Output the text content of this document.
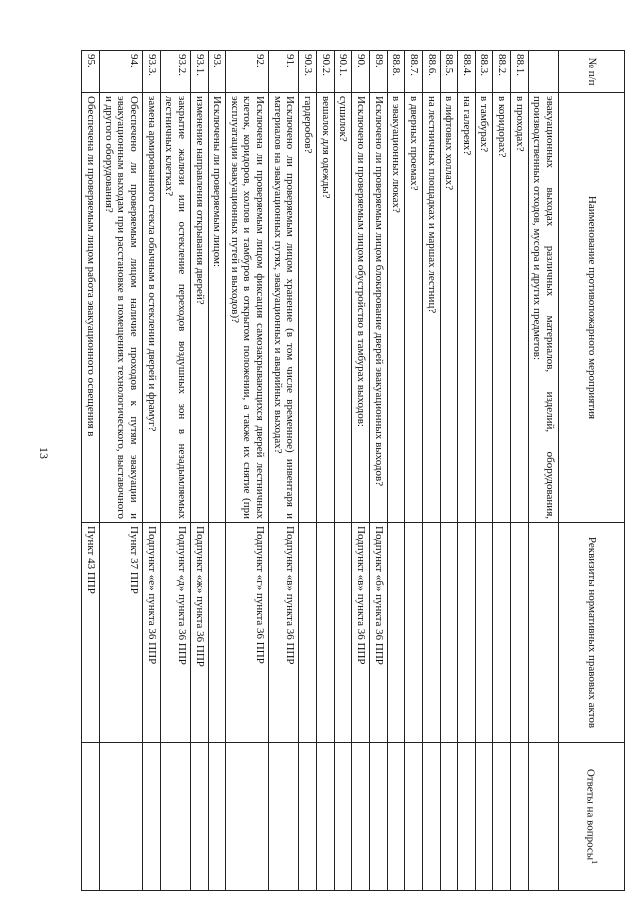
13
№ п/п	Наименование противопожарного мероприятия	Реквизиты нормативных правовых актов	Ответы на вопросы$^1$
	эвакуационных выходах различных материалов, изделий, оборудования, производственных отходов, мусора и других предметов:		
88.1.	в проходах?		
88.2.	в коридорах?		
88.3.	в тамбурах?		
88.4.	на галереях?		
88.5.	в лифтовых холлах?		
88.6.	на лестничных площадках и маршах лестниц?		
88.7.	в дверных проемах?		
88.8.	в эвакуационных люках?		
89.	Исключено ли проверяемым лицом блокирование дверей эвакуационных выходов?	Подпункт «б» пункта 36 ППР	
90.	Исключено ли проверяемым лицом обустройство в тамбурах выходов:	Подпункт «в» пункта 36 ППР	
90.1.	сушилок?		
90.2.	вешалок для одежды?		
90.3.	гардеробов?		
91.	Исключено ли проверяемым лицом хранение (в том числе временное) инвентаря и материалов на эвакуационных путях, эвакуационных и аварийных выходах?	Подпункт «в» пункта 36 ППР	
92.	Исключена ли проверяемым лицом фиксация самозакрывающихся дверей лестничных клеток, коридоров, холлов и тамбуров в открытом положении, а также их снятие (при эксплуатации эвакуационных путей и выходов)?	Подпункт «г» пункта 36 ППР	
93.	Исключены ли проверяемым лицом:		
93.1.	изменение направления открывания дверей?	Подпункт «ж» пункта 36 ППР	
93.2.	закрытие жалюзи или остекление переходов воздушных зон в незадымляемых лестничных клетках?	Подпункт «д» пункта 36 ППР	
93.3.	замена армированного стекла обычным в остеклении дверей и фрамуг?	Подпункт «е» пункта 36 ППР	
94.	Обеспечено ли проверяемым лицом наличие проходов к путям эвакуации и эвакуационным выходам при расстановке в помещениях технологического, выставочного и другого оборудования?	Пункт 37 ППР	
95.	Обеспечена ли проверяемым лицом работа эвакуационного освещения в	Пункт 43 ППР	
